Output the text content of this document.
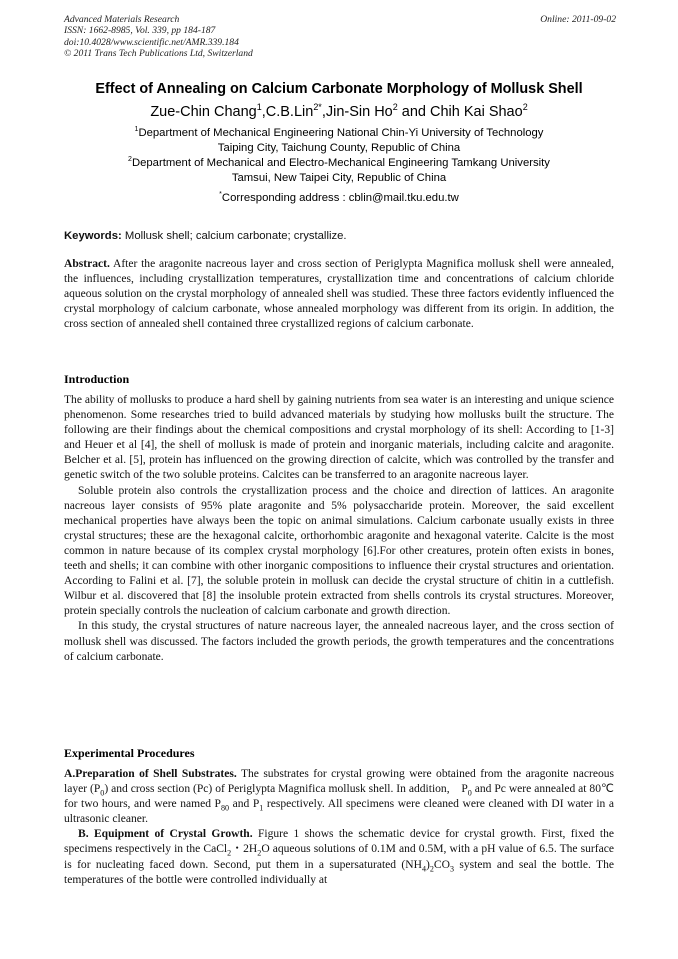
Advanced Materials Research
ISSN: 1662-8985, Vol. 339, pp 184-187
doi:10.4028/www.scientific.net/AMR.339.184
© 2011 Trans Tech Publications Ltd, Switzerland
Online: 2011-09-02
Effect of Annealing on Calcium Carbonate Morphology of Mollusk Shell
Zue-Chin Chang$^1$,C.B.Lin$^{2*}$,Jin-Sin Ho$^2$ and Chih Kai Shao$^2$
$^1$Department of Mechanical Engineering National Chin-Yi University of Technology
Taiping City, Taichung County, Republic of China
$^2$Department of Mechanical and Electro-Mechanical Engineering Tamkang University
Tamsui, New Taipei City, Republic of China
*Corresponding address : cblin@mail.tku.edu.tw
Keywords: Mollusk shell; calcium carbonate; crystallize.

Abstract. After the aragonite nacreous layer and cross section of Periglypta Magnifica mollusk shell were annealed, the influences, including crystallization temperatures, crystallization time and concentrations of calcium chloride aqueous solution on the crystal morphology of annealed shell was studied. These three factors evidently influenced the crystal morphology of calcium carbonate, whose annealed morphology was different from its origin. In addition, the cross section of annealed shell contained three crystallized regions of calcium carbonate.

Introduction

The ability of mollusks to produce a hard shell by gaining nutrients from sea water is an interesting and unique science phenomenon. Some researches tried to build advanced materials by studying how mollusks built the structure. The following are their findings about the chemical compositions and crystal morphology of its shell: According to [1-3] and Heuer et al [4], the shell of mollusk is made of protein and inorganic materials, including calcite and aragonite. Belcher et al. [5], protein has influenced on the growing direction of calcite, which was controlled by the transfer and genetic switch of the two soluble proteins. Calcites can be transferred to an aragonite nacreous layer.

Soluble protein also controls the crystallization process and the choice and direction of lattices. An aragonite nacreous layer consists of 95% plate aragonite and 5% polysaccharide protein. Moreover, the said excellent mechanical properties have always been the topic on animal simulations. Calcium carbonate usually exists in three crystal structures; these are the hexagonal calcite, orthorhombic aragonite and hexagonal vaterite. Calcite is the most common in nature because of its complex crystal morphology [6].For other creatures, protein often exists in bones, teeth and shells; it can combine with other inorganic compositions to influence their crystal structures and orientation. According to Falini et al. [7], the soluble protein in mollusk can decide the crystal structure of chitin in a cuttlefish. Wilbur et al. discovered that [8] the insoluble protein extracted from shells controls its crystal structures. Moreover, protein specially controls the nucleation of calcium carbonate and growth direction.

In this study, the crystal structures of nature nacreous layer, the annealed nacreous layer, and the cross section of mollusk shell was discussed. The factors included the growth periods, the growth temperatures and the concentrations of calcium carbonate.

Experimental Procedures

A.Preparation of Shell Substrates. The substrates for crystal growing were obtained from the aragonite nacreous layer $(P_0)$ and cross section (Pc) of Periglypta Magnifica mollusk shell. In addition, $P_0$ and Pc were annealed at 80℃ for two hours, and were named $P_{80}$ and $P_1$ respectively. All specimens were cleaned were cleaned with DI water in a ultrasonic cleaner.

B. Equipment of Crystal Growth. Figure 1 shows the schematic device for crystal growth. First, fixed the specimens respectively in the CaCl$_2$・$2H_2O$ aqueous solutions of 0.1M and 0.5M, with a pH value of 6.5. The surface is for nucleating faced down. Second, put them in a supersaturated $(NH_4)_2CO_3$ system and seal the bottle. The temperatures of the bottle were controlled individually at
